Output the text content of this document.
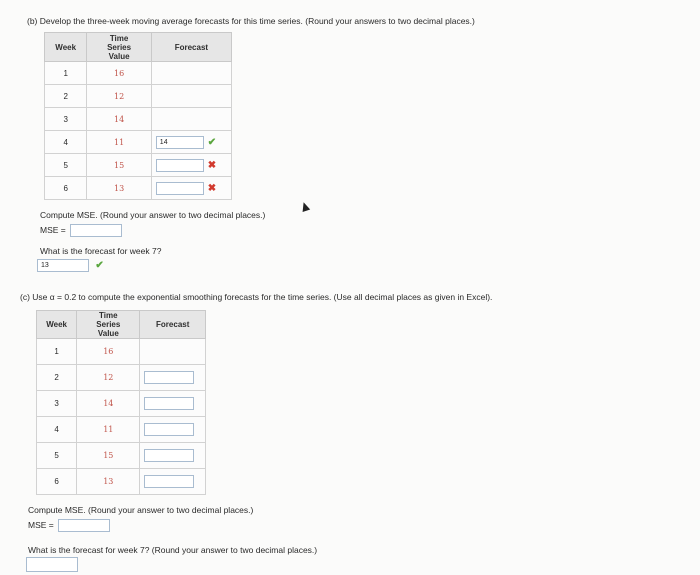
(b) Develop the three-week moving average forecasts for this time series. (Round your answers to two decimal places.)
Week	Time Series Value	Forecast
1	16	
2	12	
3	14	
4	11	14 ✔
5	15	✖
6	13	✖
Compute MSE. (Round your answer to two decimal places.)
MSE =
What is the forecast for week 7?
13	✔
(c) Use α = 0.2 to compute the exponential smoothing forecasts for the time series. (Use all decimal places as given in Excel).
Week	Time Series Value	Forecast
1	16	
2	12	
3	14	
4	11	
5	15	
6	13	
Compute MSE. (Round your answer to two decimal places.)
MSE =
What is the forecast for week 7? (Round your answer to two decimal places.)
